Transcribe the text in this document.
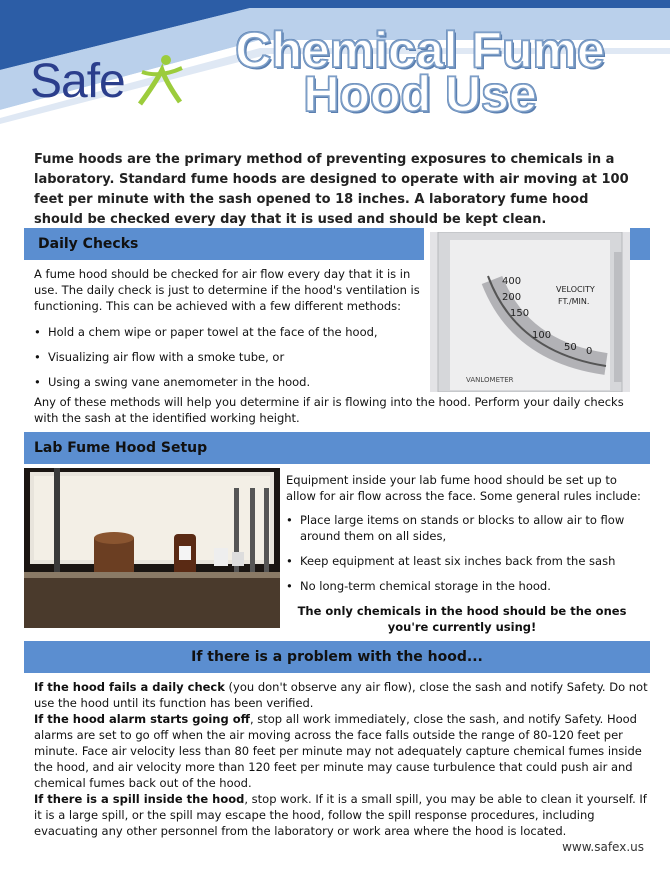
Safe
Chemical Fume
Hood Use
Fume hoods are the primary method of preventing exposures to chemicals in a laboratory. Standard fume hoods are designed to operate with air moving at 100 feet per minute with the sash opened to 18 inches. A laboratory fume hood should be checked every day that it is used and should be kept clean.
Daily Checks
A fume hood should be checked for air flow every day that it is in use. The daily check is just to determine if the hood's ventilation is functioning. This can be achieved with a few different methods:
• Hold a chem wipe or paper towel at the face of the hood,
• Visualizing air flow with a smoke tube, or
• Using a swing vane anemometer in the hood.
Any of these methods will help you determine if air is flowing into the hood. Perform your daily checks with the sash at the identified working height.
400
200
150
100
50 0
VELOCITY
FT./MIN.
VANLOMETER
Lab Fume Hood Setup
Equipment inside your lab fume hood should be set up to allow for air flow across the face. Some general rules include:
• Place large items on stands or blocks to allow air to flow around them on all sides,
• Keep equipment at least six inches back from the sash
• No long-term chemical storage in the hood.
The only chemicals in the hood should be the ones you're currently using!
If there is a problem with the hood...

If the hood fails a daily check (you don't observe any air flow), close the sash and notify Safety. Do not use the hood until its function has been verified.

If the hood alarm starts going off, stop all work immediately, close the sash, and notify Safety. Hood alarms are set to go off when the air moving across the face falls outside the range of 80-120 feet per minute. Face air velocity less than 80 feet per minute may not adequately capture chemical fumes inside the hood, and air velocity more than 120 feet per minute may cause turbulence that could push air and chemical fumes back out of the hood.

If there is a spill inside the hood, stop work. If it is a small spill, you may be able to clean it yourself. If it is a large spill, or the spill may escape the hood, follow the spill response procedures, including evacuating any other personnel from the laboratory or work area where the hood is located.

www.safex.us
